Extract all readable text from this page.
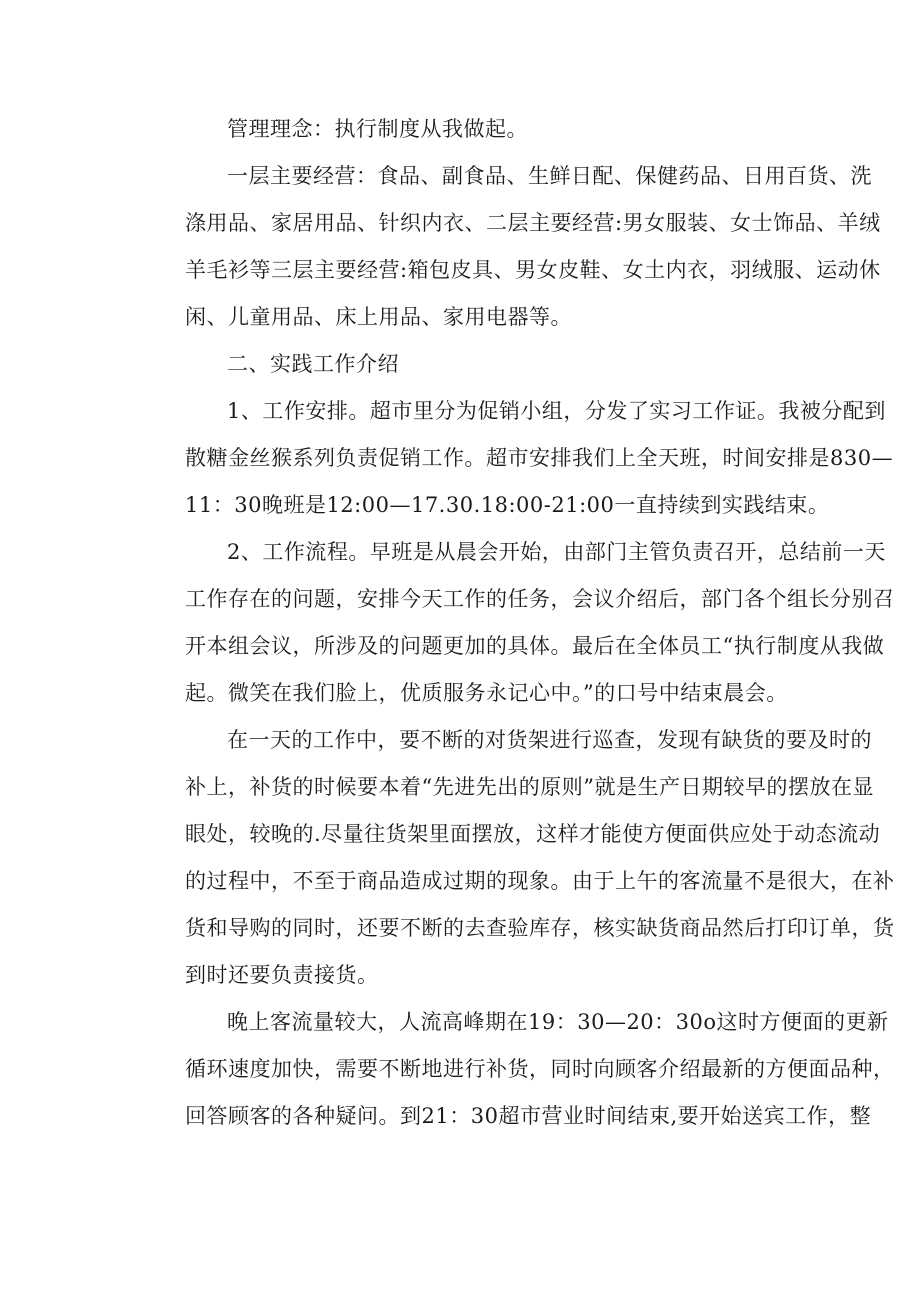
管理理念：执行制度从我做起。

一层主要经营：食品、副食品、生鲜日配、保健药品、日用百货、洗
涤用品、家居用品、针织内衣、二层主要经营:男女服装、女士饰品、羊绒
羊毛衫等三层主要经营:箱包皮具、男女皮鞋、女土内衣，羽绒服、运动休
闲、儿童用品、床上用品、家用电器等。

二、实践工作介绍

1、工作安排。超市里分为促销小组，分发了实习工作证。我被分配到
散糖金丝猴系列负责促销工作。超市安排我们上全天班，时间安排是830—
11：30晚班是12:00—17.30.18:00-21:00一直持续到实践结束。

2、工作流程。早班是从晨会开始，由部门主管负责召开，总结前一天
工作存在的问题，安排今天工作的任务，会议介绍后，部门各个组长分别召
开本组会议，所涉及的问题更加的具体。最后在全体员工“执行制度从我做
起。微笑在我们脸上，优质服务永记心中。”的口号中结束晨会。

在一天的工作中，要不断的对货架进行巡查，发现有缺货的要及时的
补上，补货的时候要本着“先进先出的原则”就是生产日期较早的摆放在显
眼处，较晚的.尽量往货架里面摆放，这样才能使方便面供应处于动态流动
的过程中，不至于商品造成过期的现象。由于上午的客流量不是很大，在补
货和导购的同时，还要不断的去查验库存，核实缺货商品然后打印订单，货
到时还要负责接货。

晚上客流量较大，人流高峰期在19：30—20：30o这时方便面的更新
循环速度加快，需要不断地进行补货，同时向顾客介绍最新的方便面品种，
回答顾客的各种疑问。到21：30超市营业时间结束,要开始送宾工作，整
